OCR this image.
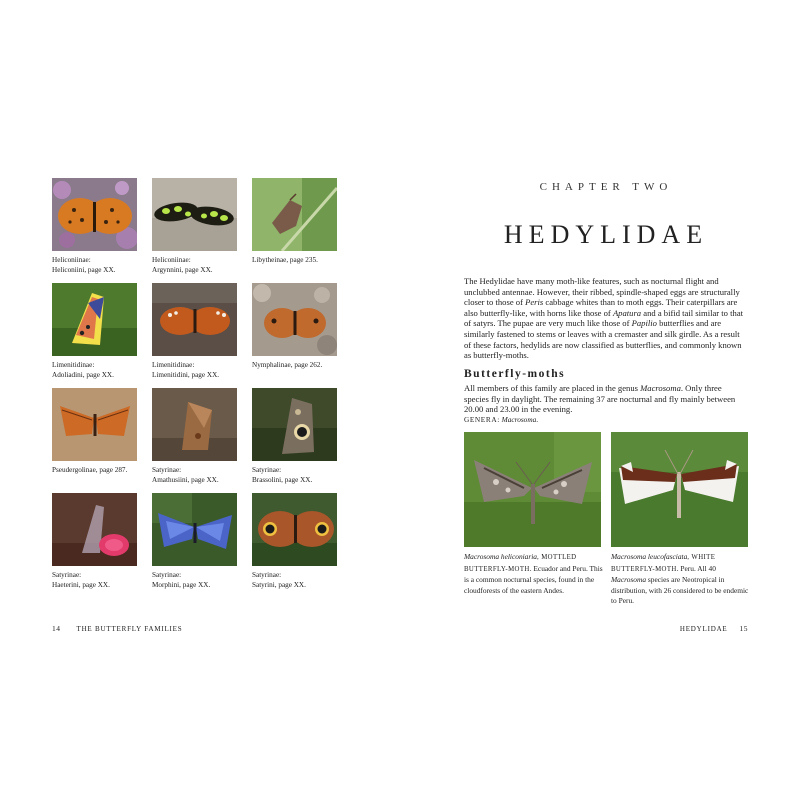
Heliconiinae:
Heliconiini, page XX.
Heliconiinae:
Argynnini, page XX.
Libytheinae, page 235.
Limenitidinae:
Adoliadini, page XX.
Limenitidinae:
Limenitidini, page XX.
Nymphalinae, page 262.
Pseudergolinae, page 287.	Satyrinae:
Amathusiini, page XX.
Satyrinae:
Brassolini, page XX.
Satyrinae:
Haeterini, page XX.
Satyrinae:
Morphini, page XX.
Satyrinae:
Satyrini, page XX.
14 THE BUTTERFLY FAMILIES
CHAPTER TWO
HEDYLIDAE

The Hedylidae have many moth-like features, such as nocturnal flight and unclubbed antennae. However, their ribbed, spindle-shaped eggs are structurally closer to those of Peris cabbage whites than to moth eggs. Their caterpillars are also butterfly-like, with horns like those of Apatura and a bifid tail similar to that of satyrs. The pupae are very much like those of Papilio butterflies and are similarly fastened to stems or leaves with a cremaster and silk girdle. As a result of these factors, hedylids are now classified as butterflies, and commonly known as butterfly-moths.

Butterfly-moths

All members of this family are placed in the genus Macrosoma. Only three species fly in daylight. The remaining 37 are nocturnal and fly mainly between 20.00 and 23.00 in the evening.

GENERA: Macrosoma.
Macrosoma heliconiaria, MOTTLED BUTTERFLY-MOTH. Ecuador and Peru. This is a common nocturnal species, found in the cloudforests of the eastern Andes.
Macrosoma leucofasciata, WHITE BUTTERFLY-MOTH. Peru. All 40 Macrosoma species are Neotropical in distribution, with 26 considered to be endemic to Peru.
HEDYLIDAE 15
